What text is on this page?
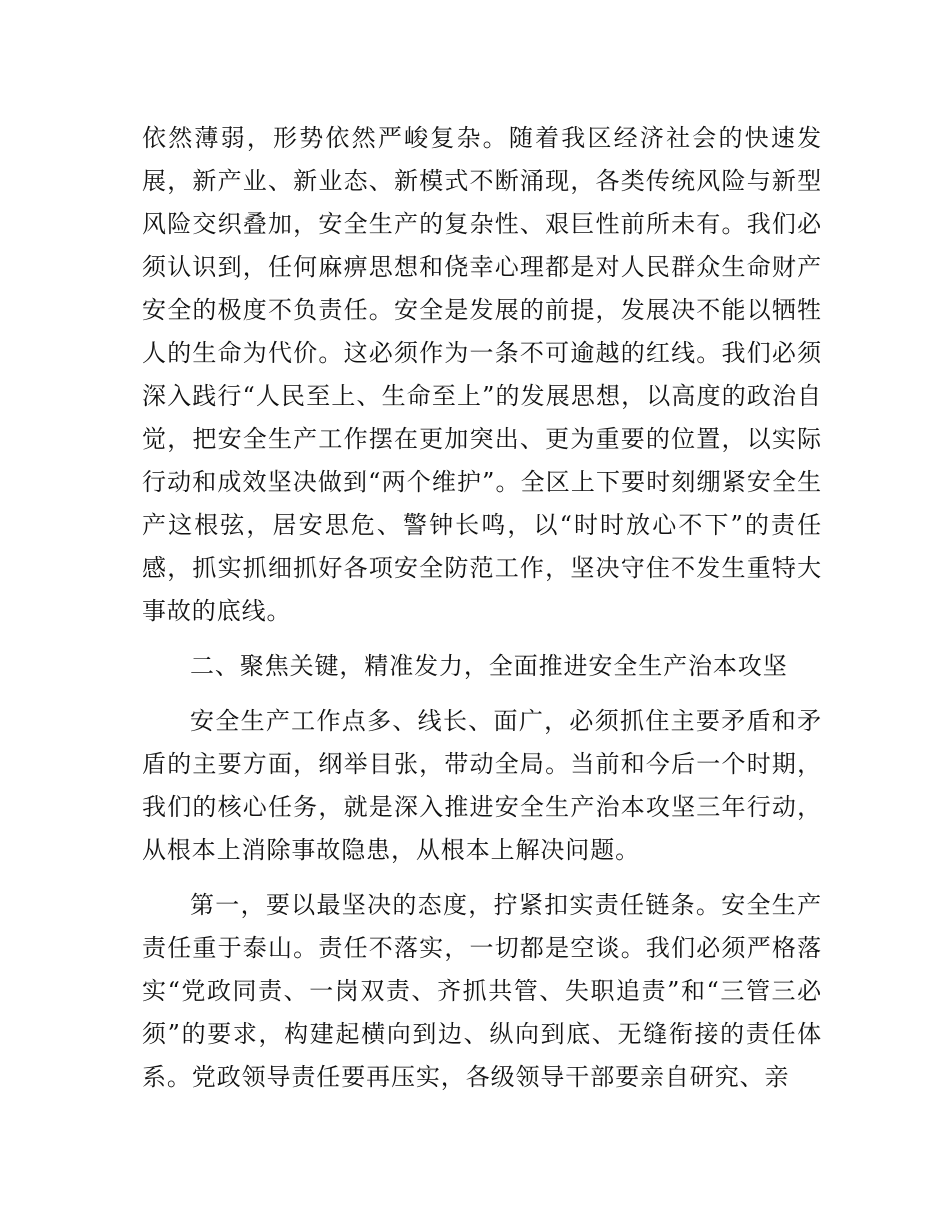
依然薄弱，形势依然严峻复杂。随着我区经济社会的快速发展，新产业、新业态、新模式不断涌现，各类传统风险与新型风险交织叠加，安全生产的复杂性、艰巨性前所未有。我们必须认识到，任何麻痹思想和侥幸心理都是对人民群众生命财产安全的极度不负责任。安全是发展的前提，发展决不能以牺牲人的生命为代价。这必须作为一条不可逾越的红线。我们必须深入践行“人民至上、生命至上”的发展思想，以高度的政治自觉，把安全生产工作摆在更加突出、更为重要的位置，以实际行动和成效坚决做到“两个维护”。全区上下要时刻绷紧安全生产这根弦，居安思危、警钟长鸣，以“时时放心不下”的责任感，抓实抓细抓好各项安全防范工作，坚决守住不发生重特大事故的底线。

二、聚焦关键，精准发力，全面推进安全生产治本攻坚

安全生产工作点多、线长、面广，必须抓住主要矛盾和矛盾的主要方面，纲举目张，带动全局。当前和今后一个时期，我们的核心任务，就是深入推进安全生产治本攻坚三年行动，从根本上消除事故隐患，从根本上解决问题。

第一，要以最坚决的态度，拧紧扣实责任链条。安全生产责任重于泰山。责任不落实，一切都是空谈。我们必须严格落实“党政同责、一岗双责、齐抓共管、失职追责”和“三管三必须”的要求，构建起横向到边、纵向到底、无缝衔接的责任体系。党政领导责任要再压实，各级领导干部要亲自研究、亲
